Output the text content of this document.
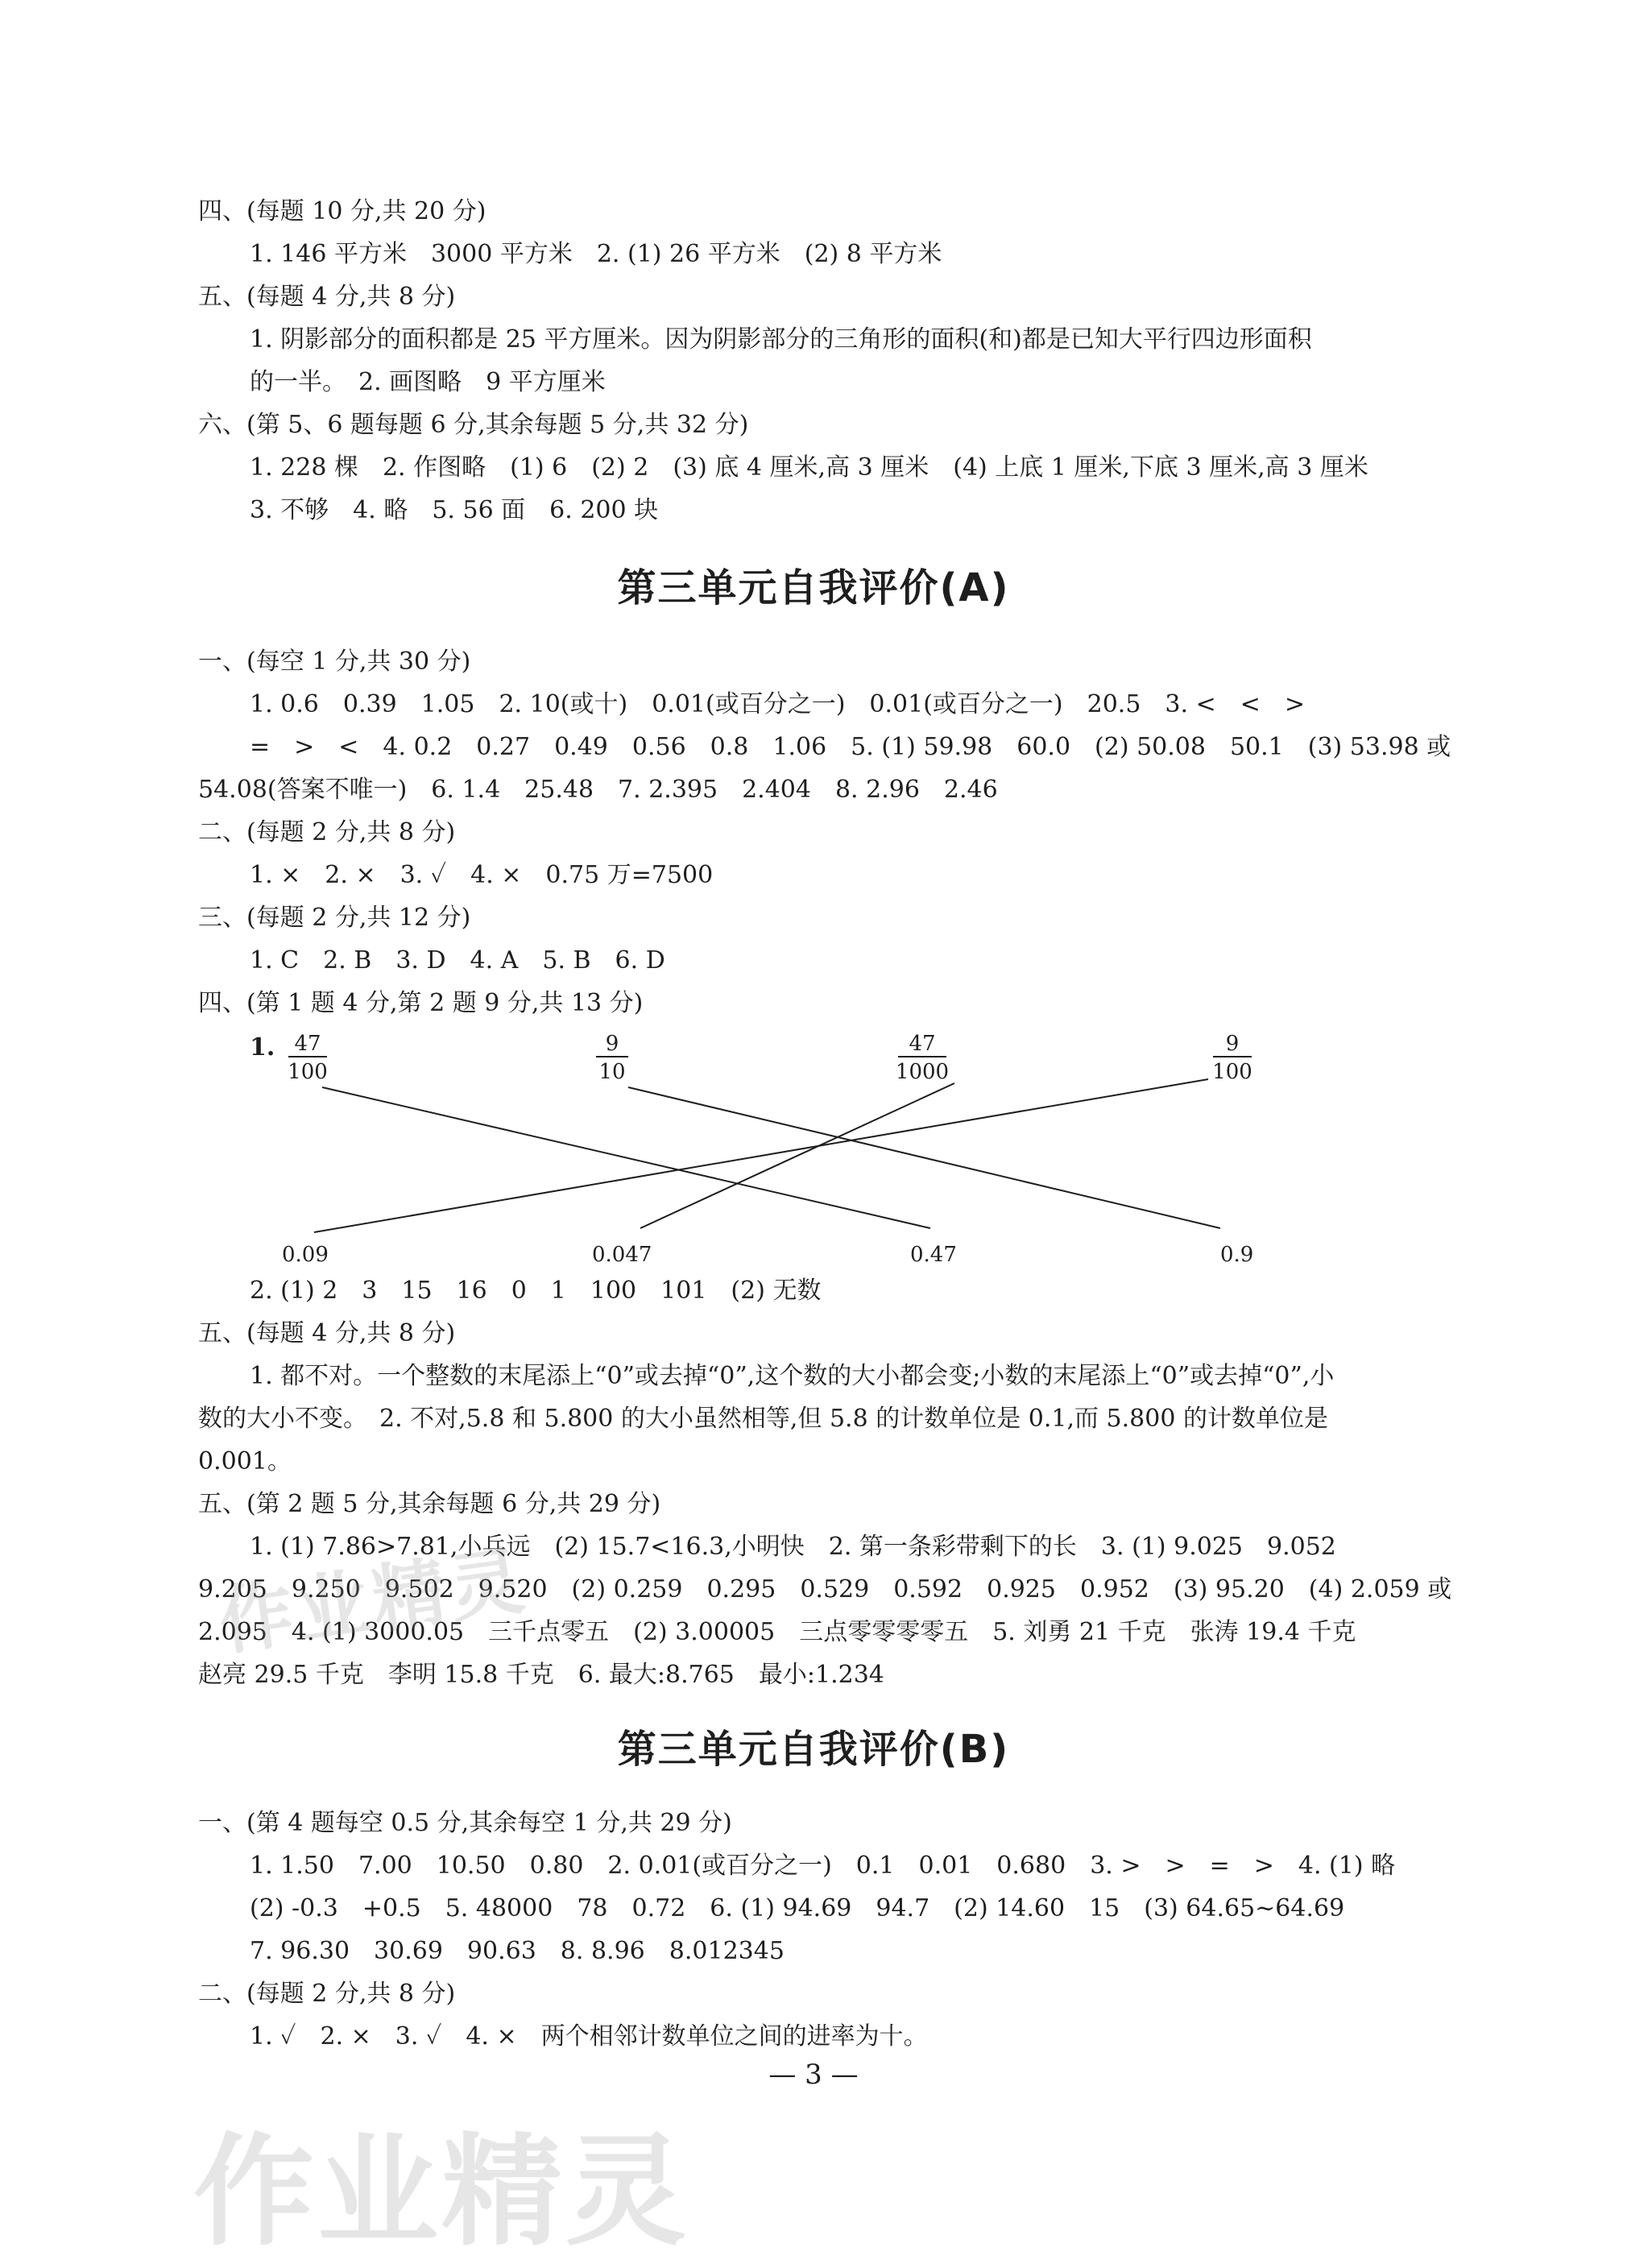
四、(每题 10 分,共 20 分)
1. 146 平方米　3000 平方米　2. (1) 26 平方米　(2) 8 平方米
五、(每题 4 分,共 8 分)
1. 阴影部分的面积都是 25 平方厘米。因为阴影部分的三角形的面积(和)都是已知大平行四边形面积
的一半。　2. 画图略　9 平方厘米
六、(第 5、6 题每题 6 分,其余每题 5 分,共 32 分)
1. 228 棵　2. 作图略　(1) 6　(2) 2　(3) 底 4 厘米,高 3 厘米　(4) 上底 1 厘米,下底 3 厘米,高 3 厘米
3. 不够　4. 略　5. 56 面　6. 200 块
第三单元自我评价(A)
一、(每空 1 分,共 30 分)
1. 0.6　0.39　1.05　2. 10(或十)　0.01(或百分之一)　0.01(或百分之一)　20.5　3. <　<　>
=　>　<　4. 0.2　0.27　0.49　0.56　0.8　1.06　5. (1) 59.98　60.0　(2) 50.08　50.1　(3) 53.98 或
54.08(答案不唯一)　6. 1.4　25.48　7. 2.395　2.404　8. 2.96　2.46
二、(每题 2 分,共 8 分)
1. ×　2. ×　3. ✓　4. ×　0.75 万=7500
三、(每题 2 分,共 12 分)
1. C　2. B　3. D　4. A　5. B　6. D
四、(第 1 题 4 分,第 2 题 9 分,共 13 分)
1. 47
100
9
10
47
1000
9
100
0.09	0.047	0.47	0.9
2. (1) 2　3　15　16　0　1　100　101　(2) 无数
五、(每题 4 分,共 8 分)
1. 都不对。一个整数的末尾添上“0”或去掉“0”,这个数的大小都会变;小数的末尾添上“0”或去掉“0”,小
数的大小不变。　2. 不对,5.8 和 5.800 的大小虽然相等,但 5.8 的计数单位是 0.1,而 5.800 的计数单位是
0.001。
五、(第 2 题 5 分,其余每题 6 分,共 29 分)
1. (1) 7.86>7.81,小兵远　(2) 15.7<16.3,小明快　2. 第一条彩带剩下的长　3. (1) 9.025　9.052
9.205　9.250　9.502　9.520　(2) 0.259　0.295　0.529　0.592　0.925　0.952　(3) 95.20　(4) 2.059 或
2.095　4. (1) 3000.05　三千点零五　(2) 3.00005　三点零零零零五　5. 刘勇 21 千克　张涛 19.4 千克
赵亮 29.5 千克　李明 15.8 千克　6. 最大:8.765　最小:1.234
第三单元自我评价(B)
一、(第 4 题每空 0.5 分,其余每空 1 分,共 29 分)
1. 1.50　7.00　10.50　0.80　2. 0.01(或百分之一)　0.1　0.01　0.680　3. >　>　=　>　4. (1) 略
(2) -0.3　+0.5　5. 48000　78　0.72　6. (1) 94.69　94.7　(2) 14.60　15　(3) 64.65~64.69
7. 96.30　30.69　90.63　8. 8.96　8.012345
二、(每题 2 分,共 8 分)
1. ✓　2. ×　3. ✓　4. ×　两个相邻计数单位之间的进率为十。
— 3 —
作业精灵
作业精灵
